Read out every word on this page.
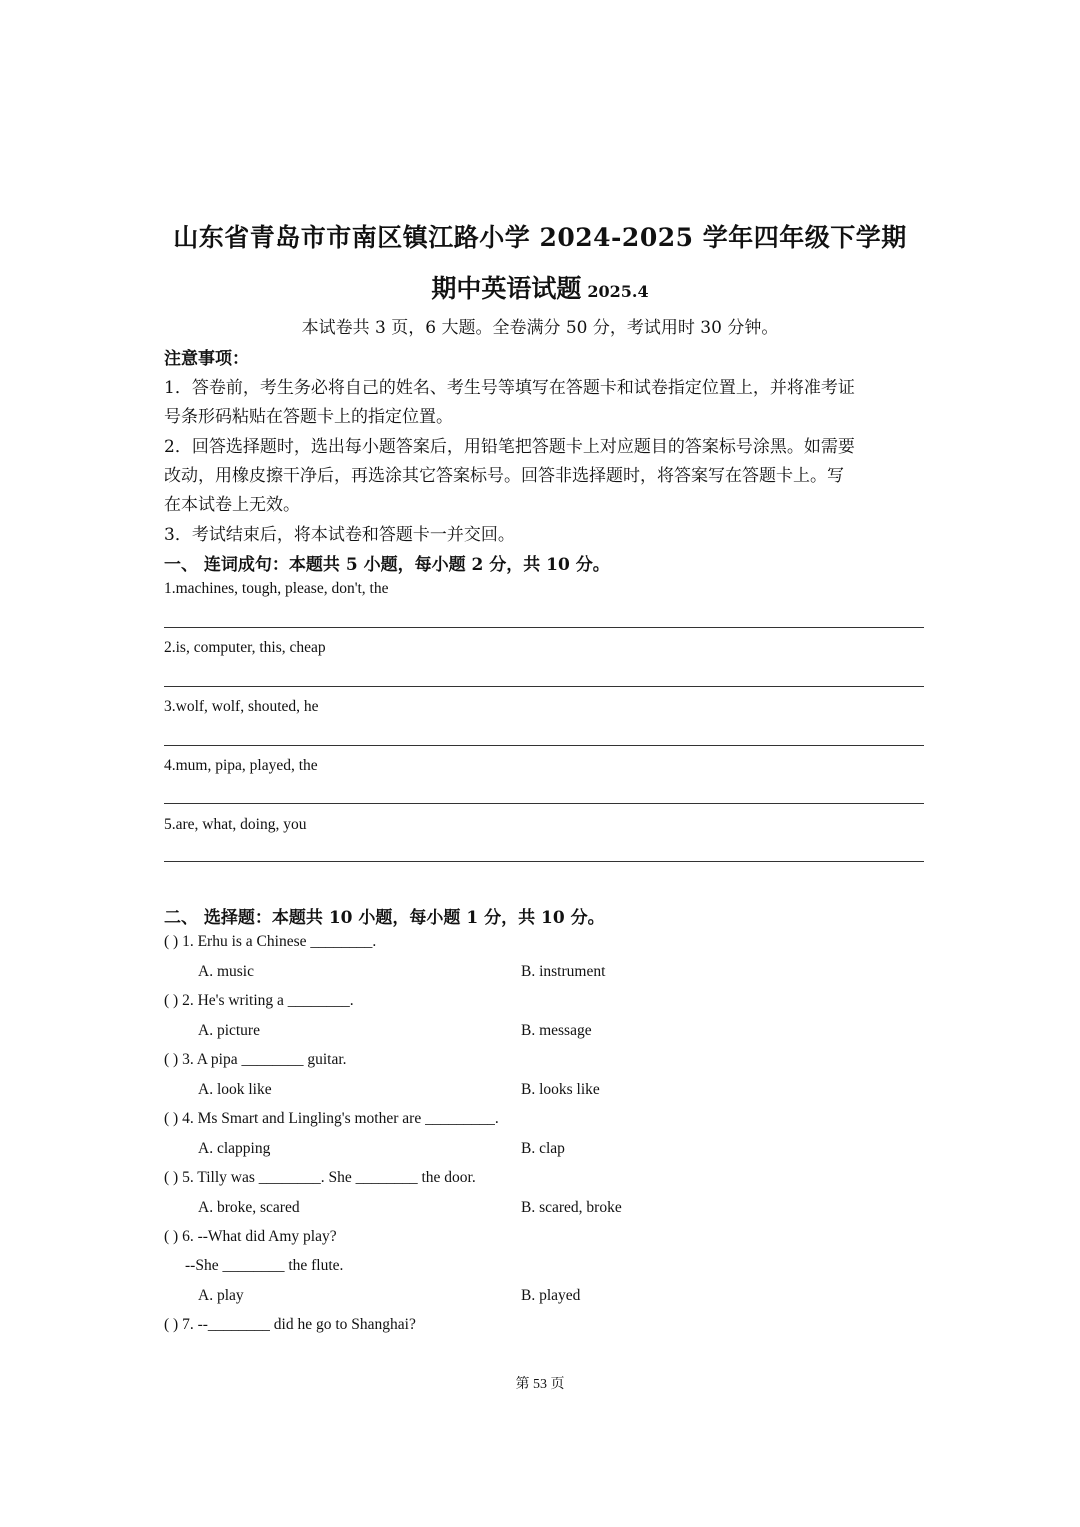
山东省青岛市市南区镇江路小学 2024-2025 学年四年级下学期
期中英语试题 2025.4
本试卷共 3 页，6 大题。全卷满分 50 分，考试用时 30 分钟。
注意事项：
1．答卷前，考生务必将自己的姓名、考生号等填写在答题卡和试卷指定位置上，并将准考证
号条形码粘贴在答题卡上的指定位置。
2．回答选择题时，选出每小题答案后，用铅笔把答题卡上对应题目的答案标号涂黑。如需要
改动，用橡皮擦干净后，再选涂其它答案标号。回答非选择题时，将答案写在答题卡上。写
在本试卷上无效。
3．考试结束后，将本试卷和答题卡一并交回。
一、 连词成句：本题共 5 小题，每小题 2 分，共 10 分。
1.machines, tough, please, don't, the
2.is, computer, this, cheap
3.wolf, wolf, shouted, he
4.mum, pipa, played, the
5.are, what, doing, you
二、 选择题：本题共 10 小题，每小题 1 分，共 10 分。
( ) 1. Erhu is a Chinese ________.
A. music	B. instrument
( ) 2. He's writing a ________.
A. picture	B. message
( ) 3. A pipa ________ guitar.
A. look like	B. looks like
( ) 4. Ms Smart and Lingling's mother are _________.
A. clapping	B. clap
( ) 5. Tilly was ________. She ________ the door.
A. broke, scared	B. scared, broke
( ) 6. --What did Amy play?
--She ________ the flute.
A. play	B. played
( ) 7. --________ did he go to Shanghai?
第 53 页
